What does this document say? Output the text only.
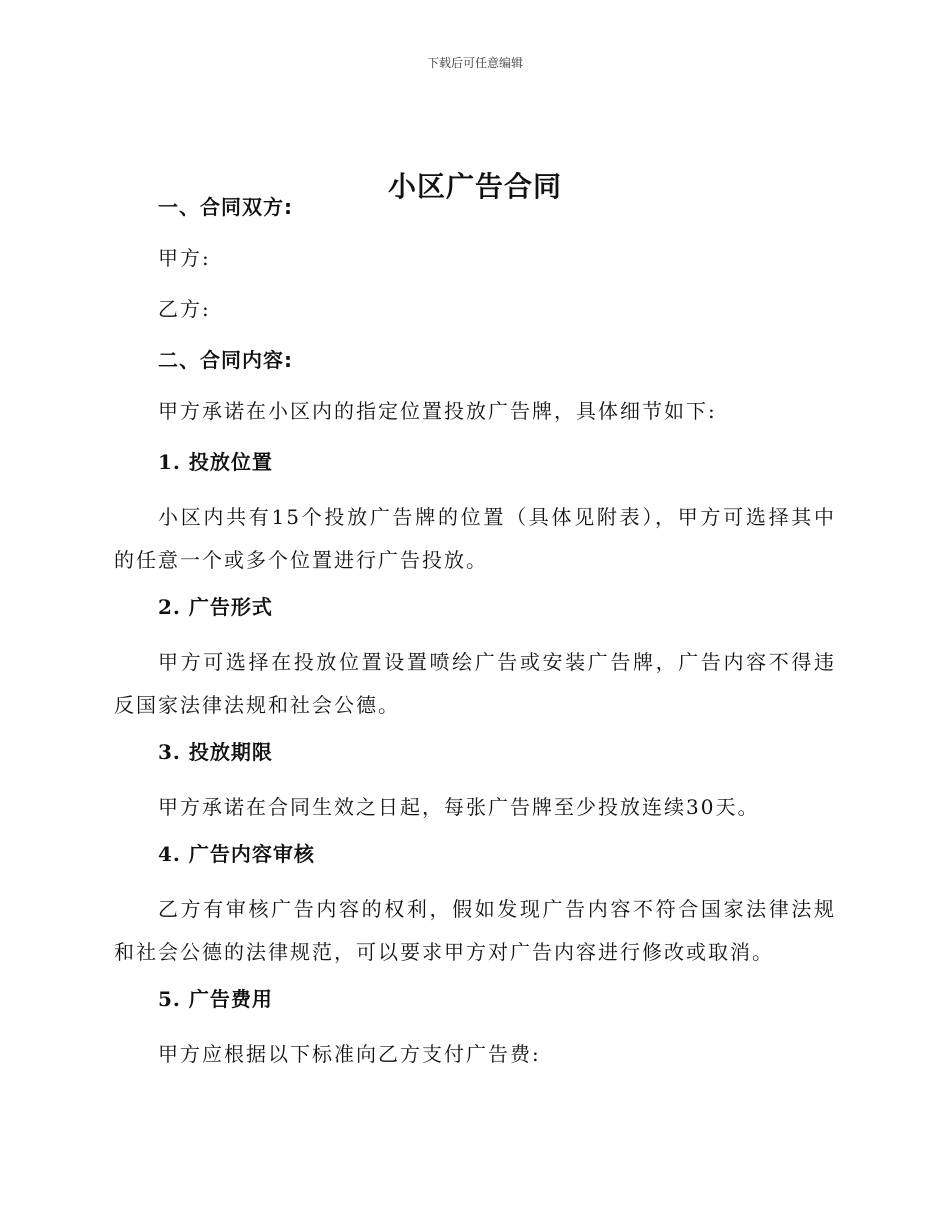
下载后可任意编辑
小区广告合同
一、合同双方:
甲方:
乙方:
二、合同内容:
甲方承诺在小区内的指定位置投放广告牌，具体细节如下:
1. 投放位置

小区内共有15个投放广告牌的位置（具体见附表），甲方可选择其中的任意一个或多个位置进行广告投放。

2. 广告形式

甲方可选择在投放位置设置喷绘广告或安装广告牌，广告内容不得违反国家法律法规和社会公德。

3. 投放期限

甲方承诺在合同生效之日起，每张广告牌至少投放连续30天。

4. 广告内容审核

乙方有审核广告内容的权利，假如发现广告内容不符合国家法律法规和社会公德的法律规范，可以要求甲方对广告内容进行修改或取消。

5. 广告费用

甲方应根据以下标准向乙方支付广告费:
